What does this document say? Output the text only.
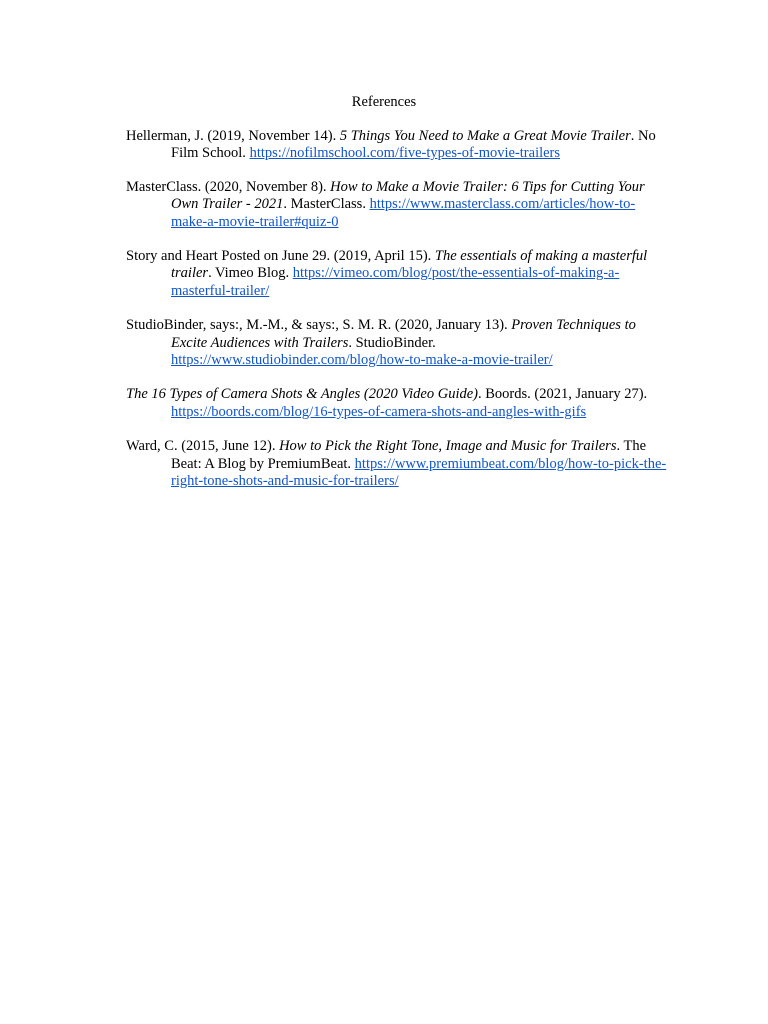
References

Hellerman, J. (2019, November 14). 5 Things You Need to Make a Great Movie Trailer. No Film School. https://nofilmschool.com/five-types-of-movie-trailers

MasterClass. (2020, November 8). How to Make a Movie Trailer: 6 Tips for Cutting Your Own Trailer - 2021. MasterClass. https://www.masterclass.com/articles/how-to-make-a-movie-trailer#quiz-0

Story and Heart Posted on June 29. (2019, April 15). The essentials of making a masterful trailer. Vimeo Blog. https://vimeo.com/blog/post/the-essentials-of-making-a-masterful-trailer/

StudioBinder, says:, M.-M., & says:, S. M. R. (2020, January 13). Proven Techniques to Excite Audiences with Trailers. StudioBinder. https://www.studiobinder.com/blog/how-to-make-a-movie-trailer/

The 16 Types of Camera Shots & Angles (2020 Video Guide). Boords. (2021, January 27). https://boords.com/blog/16-types-of-camera-shots-and-angles-with-gifs

Ward, C. (2015, June 12). How to Pick the Right Tone, Image and Music for Trailers. The Beat: A Blog by PremiumBeat. https://www.premiumbeat.com/blog/how-to-pick-the-right-tone-shots-and-music-for-trailers/
